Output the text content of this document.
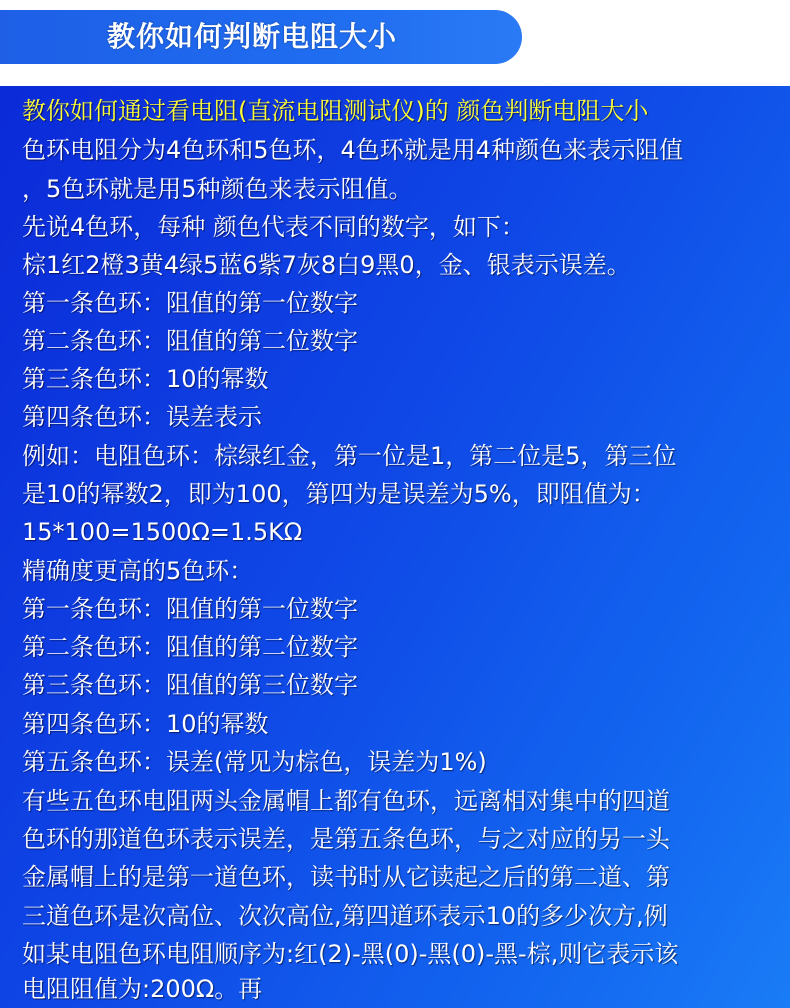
教你如何判断电阻大小
教你如何通过看电阻(直流电阻测试仪)的 颜色判断电阻大小
色环电阻分为4色环和5色环，4色环就是用4种颜色来表示阻值
，5色环就是用5种颜色来表示阻值。
先说4色环，每种 颜色代表不同的数字，如下：
棕1红2橙3黄4绿5蓝6紫7灰8白9黑0，金、银表示误差。
第一条色环：阻值的第一位数字
第二条色环：阻值的第二位数字
第三条色环：10的幂数
第四条色环：误差表示
例如：电阻色环：棕绿红金，第一位是1，第二位是5，第三位
是10的幂数2，即为100，第四为是误差为5%，即阻值为：
15*100=1500Ω=1.5KΩ
精确度更高的5色环：
第一条色环：阻值的第一位数字
第二条色环：阻值的第二位数字
第三条色环：阻值的第三位数字
第四条色环：10的幂数
第五条色环：误差(常见为棕色，误差为1%)
有些五色环电阻两头金属帽上都有色环，远离相对集中的四道
色环的那道色环表示误差，是第五条色环，与之对应的另一头
金属帽上的是第一道色环，读书时从它读起之后的第二道、第
三道色环是次高位、次次高位,第四道环表示10的多少次方,例
如某电阻色环电阻顺序为:红(2)-黑(0)-黑(0)-黑-棕,则它表示该
电阻阻值为:200Ω。再
